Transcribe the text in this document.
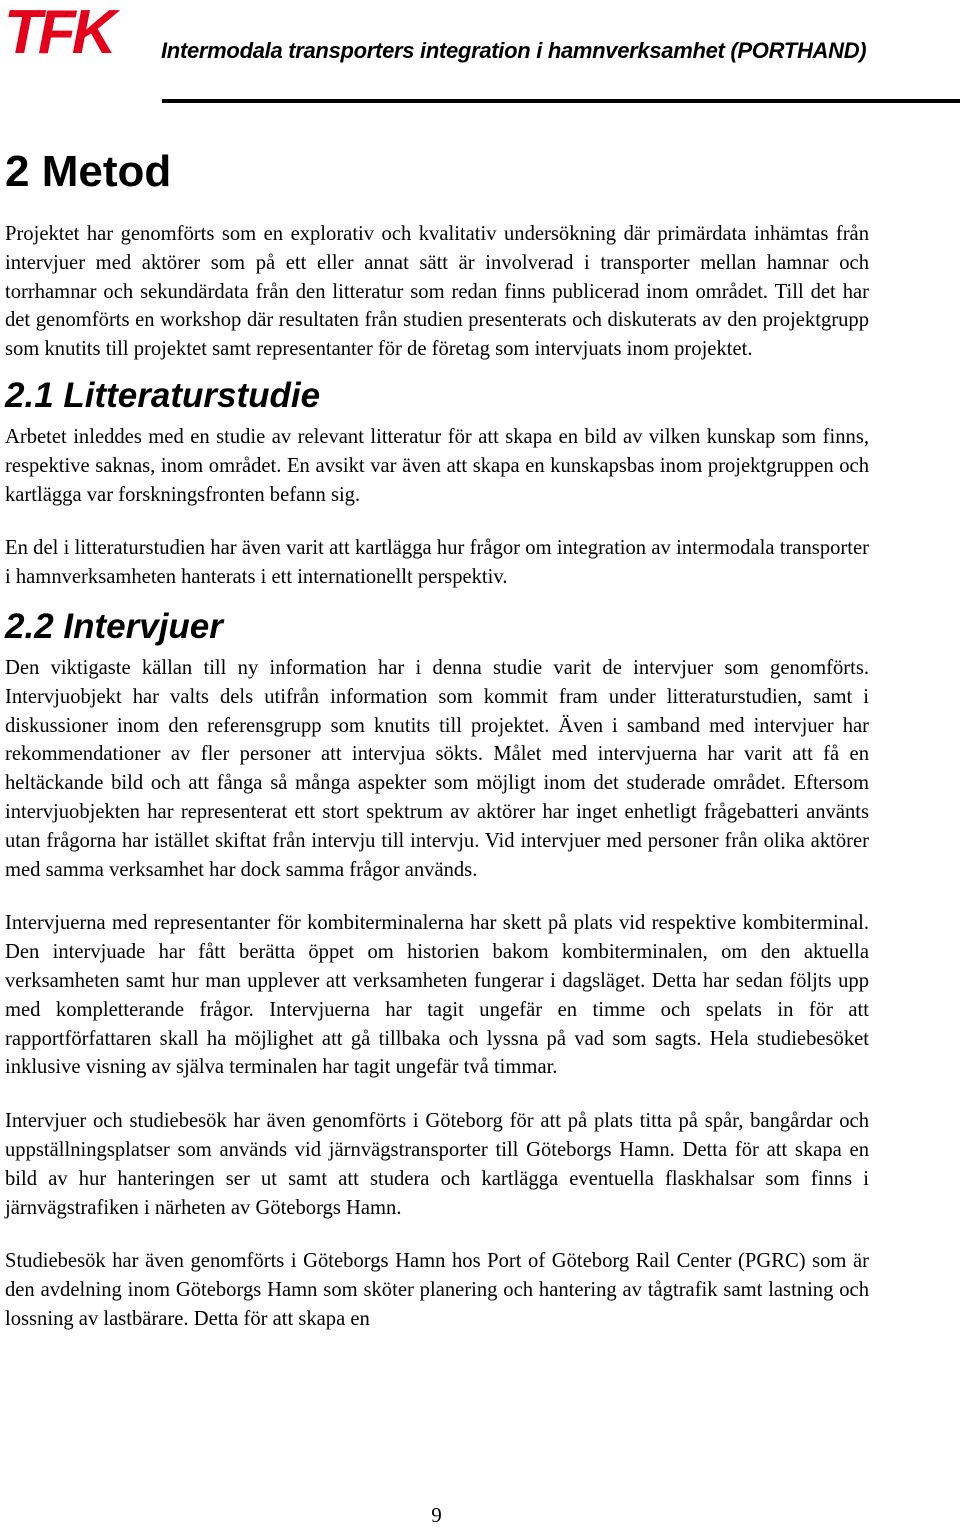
TFK Intermodala transporters integration i hamnverksamhet (PORTHAND)
2 Metod

Projektet har genomförts som en explorativ och kvalitativ undersökning där primärdata inhämtas från intervjuer med aktörer som på ett eller annat sätt är involverad i transporter mellan hamnar och torrhamnar och sekundärdata från den litteratur som redan finns publicerad inom området. Till det har det genomförts en workshop där resultaten från studien presenterats och diskuterats av den projektgrupp som knutits till projektet samt representanter för de företag som intervjuats inom projektet.

2.1 Litteraturstudie

Arbetet inleddes med en studie av relevant litteratur för att skapa en bild av vilken kunskap som finns, respektive saknas, inom området. En avsikt var även att skapa en kunskapsbas inom projektgruppen och kartlägga var forskningsfronten befann sig.

En del i litteraturstudien har även varit att kartlägga hur frågor om integration av intermodala transporter i hamnverksamheten hanterats i ett internationellt perspektiv.

2.2 Intervjuer

Den viktigaste källan till ny information har i denna studie varit de intervjuer som genomförts. Intervjuobjekt har valts dels utifrån information som kommit fram under litteraturstudien, samt i diskussioner inom den referensgrupp som knutits till projektet. Även i samband med intervjuer har rekommendationer av fler personer att intervjua sökts. Målet med intervjuerna har varit att få en heltäckande bild och att fånga så många aspekter som möjligt inom det studerade området. Eftersom intervjuobjekten har representerat ett stort spektrum av aktörer har inget enhetligt frågebatteri använts utan frågorna har istället skiftat från intervju till intervju. Vid intervjuer med personer från olika aktörer med samma verksamhet har dock samma frågor används.

Intervjuerna med representanter för kombiterminalerna har skett på plats vid respektive kombiterminal. Den intervjuade har fått berätta öppet om historien bakom kombiterminalen, om den aktuella verksamheten samt hur man upplever att verksamheten fungerar i dagsläget. Detta har sedan följts upp med kompletterande frågor. Intervjuerna har tagit ungefär en timme och spelats in för att rapportförfattaren skall ha möjlighet att gå tillbaka och lyssna på vad som sagts. Hela studiebesöket inklusive visning av själva terminalen har tagit ungefär två timmar.

Intervjuer och studiebesök har även genomförts i Göteborg för att på plats titta på spår, bangårdar och uppställningsplatser som används vid järnvägstransporter till Göteborgs Hamn. Detta för att skapa en bild av hur hanteringen ser ut samt att studera och kartlägga eventuella flaskhalsar som finns i järnvägstrafiken i närheten av Göteborgs Hamn.

Studiebesök har även genomförts i Göteborgs Hamn hos Port of Göteborg Rail Center (PGRC) som är den avdelning inom Göteborgs Hamn som sköter planering och hantering av tågtrafik samt lastning och lossning av lastbärare. Detta för att skapa en

9
